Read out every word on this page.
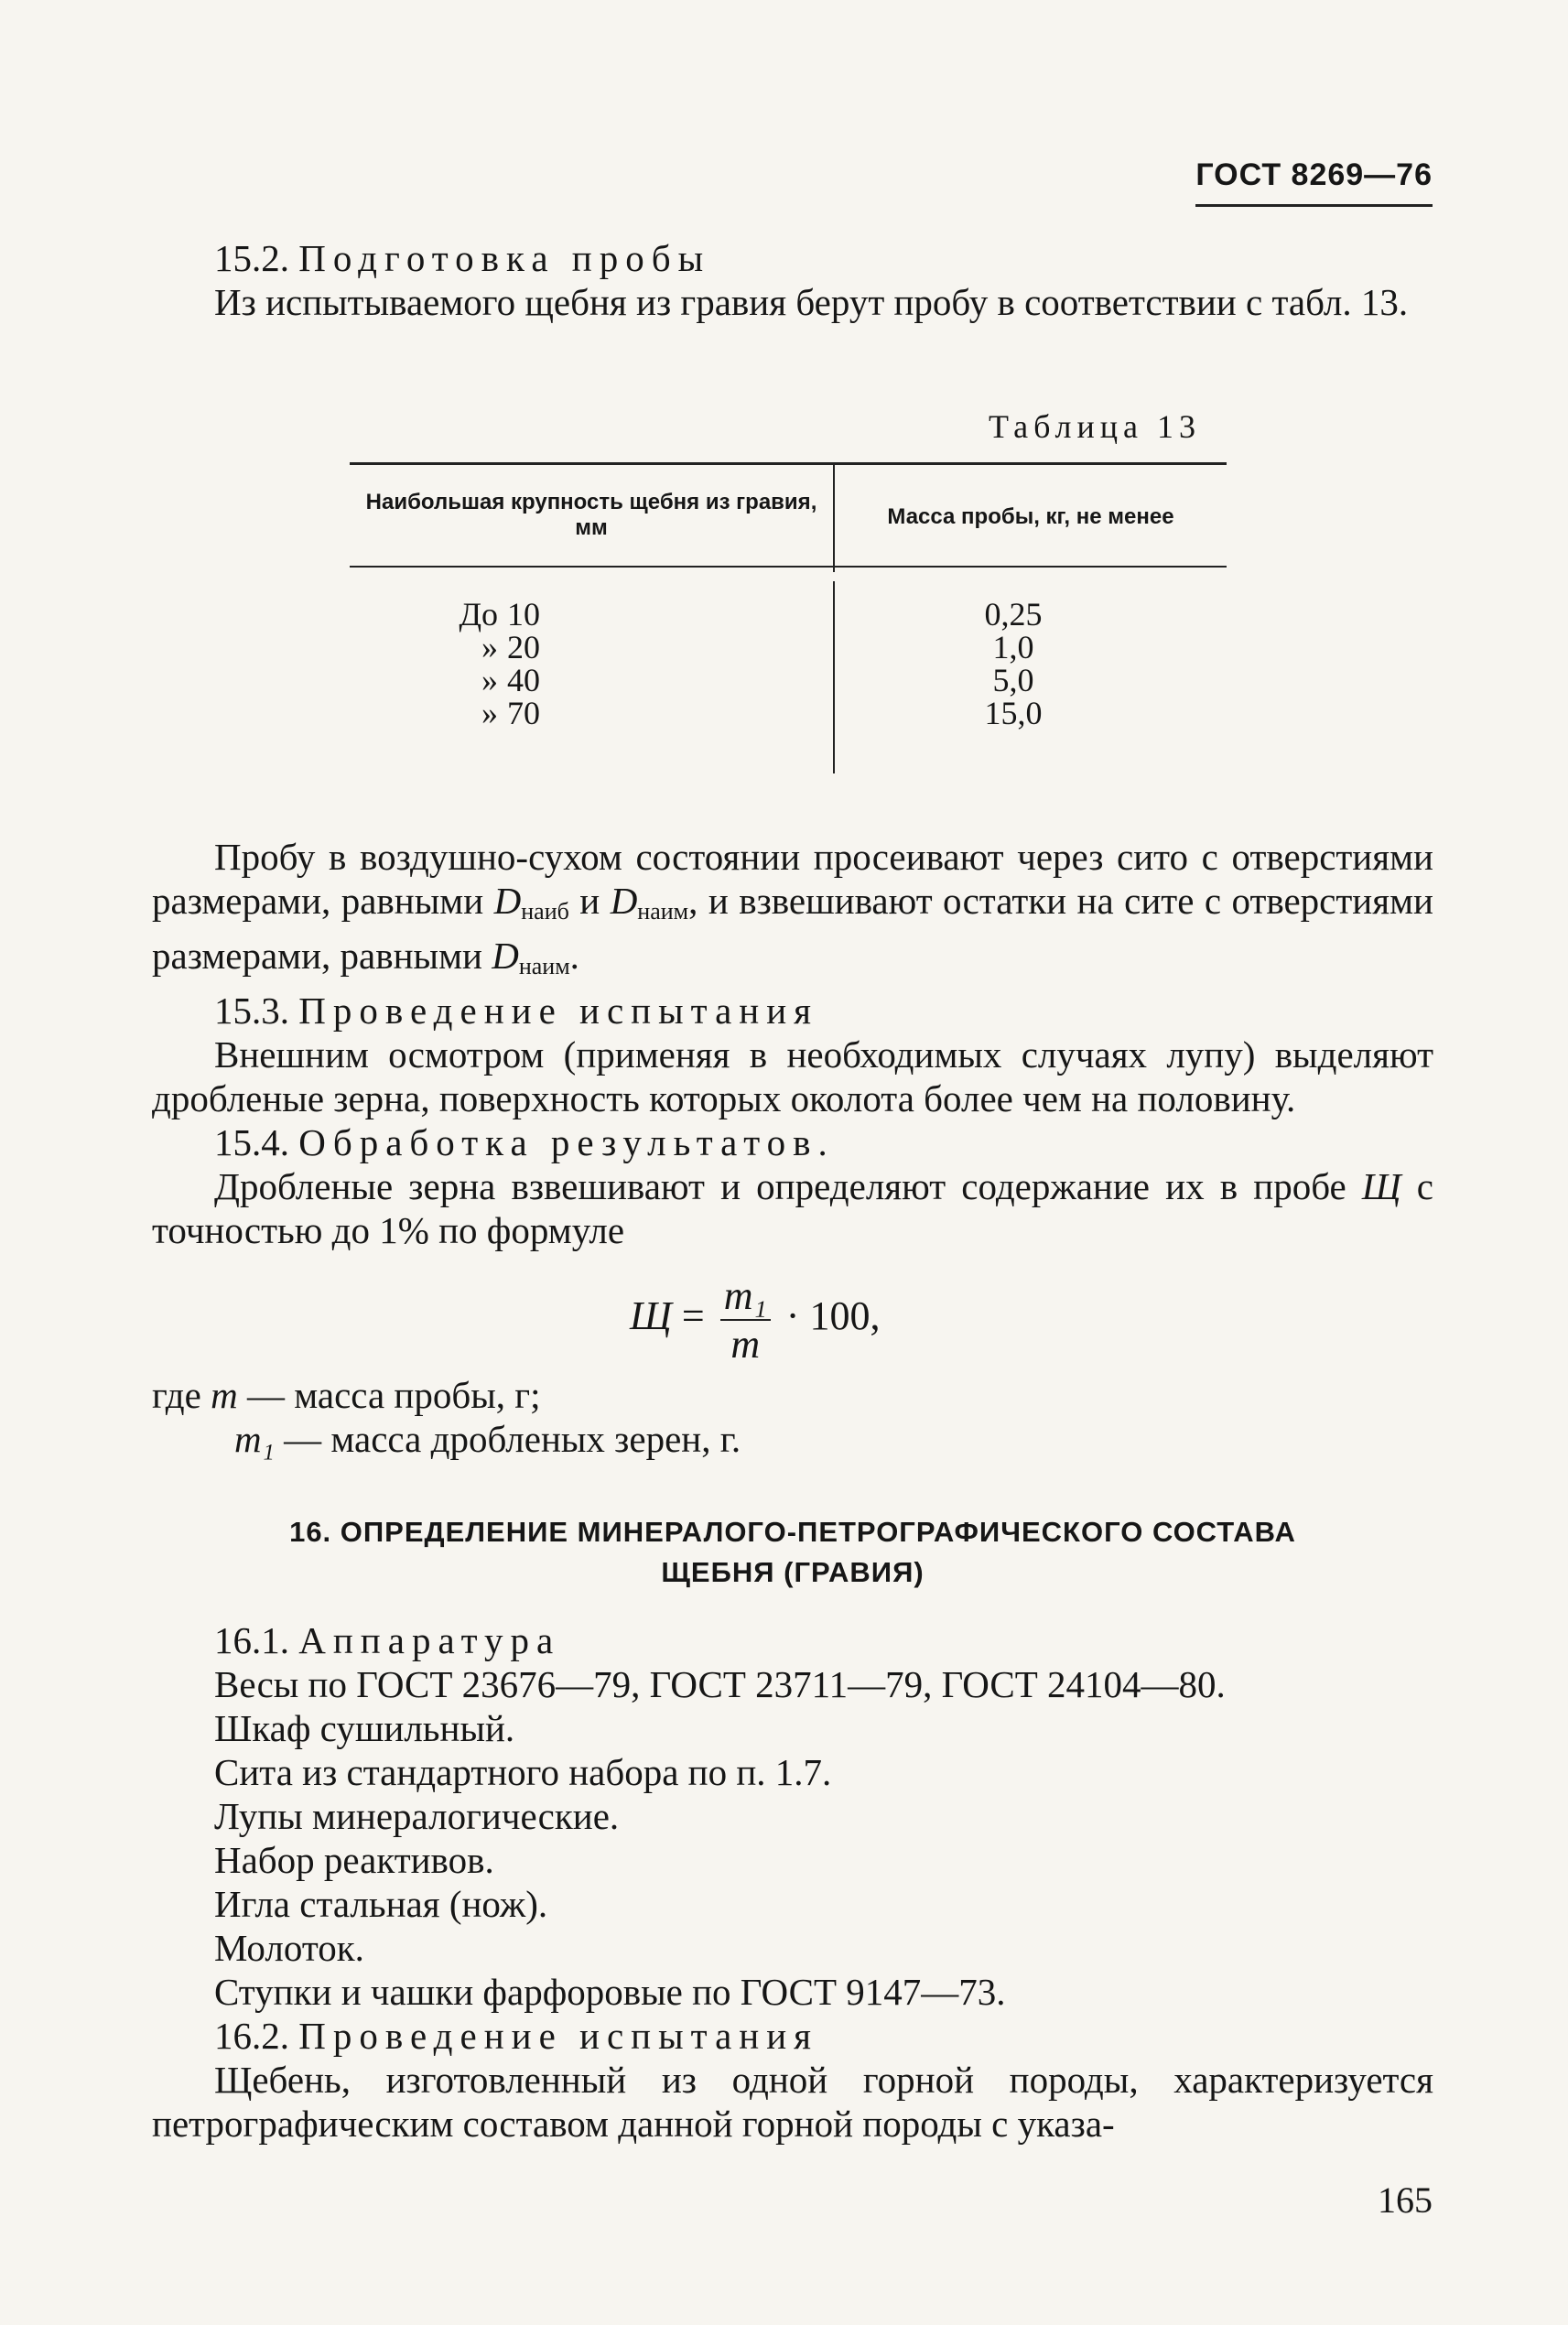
ГОСТ 8269—76

15.2. Подготовка пробы

Из испытываемого щебня из гравия берут пробу в соответствии с табл. 13.

Таблица 13
Наибольшая крупность щебня из гравия, мм	Масса пробы, кг, не менее
До 10
» 20
» 40
» 70
0,25
1,0
5,0
15,0

Пробу в воздушно-сухом состоянии просеивают через сито с отверстиями размерами, равными $D_{наиб}$ и $D_{наим}$, и взвешивают остатки на сите с отверстиями размерами, равными $D_{наим}$.

15.3. Проведение испытания

Внешним осмотром (применяя в необходимых случаях лупу) выделяют дробленые зерна, поверхность которых околота более чем на половину.

15.4. Обработка результатов.

Дробленые зерна взвешивают и определяют содержание их в пробе Щ с точностью до 1% по формуле

$Щ = \frac{\text{m₁}}{m} \cdot 100$,

где m — масса пробы, г;

m₁ — масса дробленых зерен, г.

16. ОПРЕДЕЛЕНИЕ МИНЕРАЛОГО-ПЕТРОГРАФИЧЕСКОГО СОСТАВА
ЩЕБНЯ (ГРАВИЯ)

16.1. Аппаратура

Весы по ГОСТ 23676—79, ГОСТ 23711—79, ГОСТ 24104—80.

Шкаф сушильный.

Сита из стандартного набора по п. 1.7.

Лупы минералогические.

Набор реактивов.

Игла стальная (нож).

Молоток.

Ступки и чашки фарфоровые по ГОСТ 9147—73.

16.2. Проведение испытания

Щебень, изготовленный из одной горной породы, характеризуется петрографическим составом данной горной породы с указа-

165
